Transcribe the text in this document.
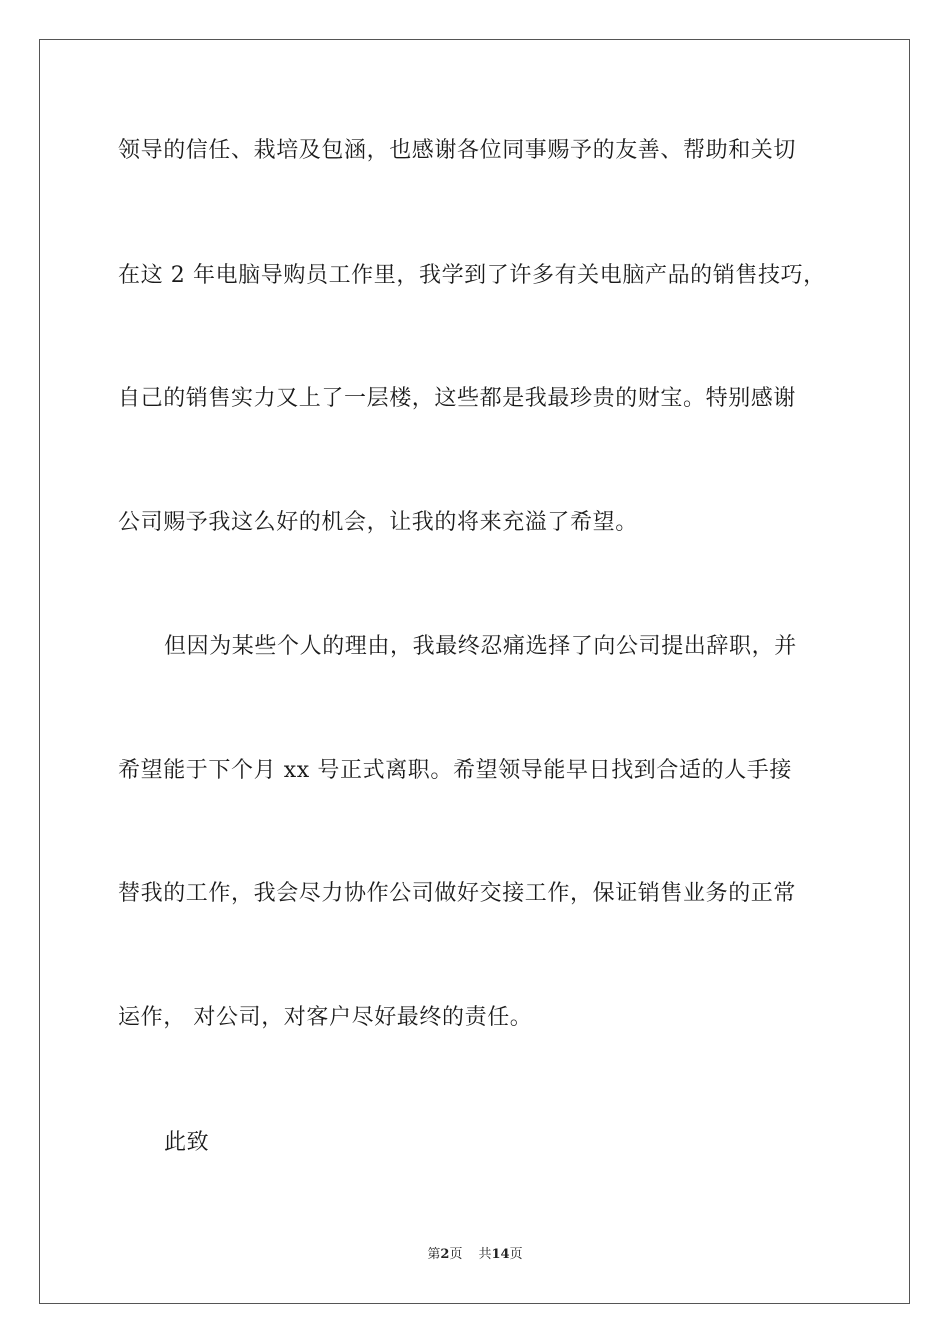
领导的信任、栽培及包涵，也感谢各位同事赐予的友善、帮助和关切
在这 2 年电脑导购员工作里，我学到了许多有关电脑产品的销售技巧，
自己的销售实力又上了一层楼，这些都是我最珍贵的财宝。特别感谢
公司赐予我这么好的机会，让我的将来充溢了希望。
但因为某些个人的理由，我最终忍痛选择了向公司提出辞职，并
希望能于下个月 xx 号正式离职。希望领导能早日找到合适的人手接
替我的工作，我会尽力协作公司做好交接工作，保证销售业务的正常
运作， 对公司，对客户尽好最终的责任。
此致
第2页 共14页
